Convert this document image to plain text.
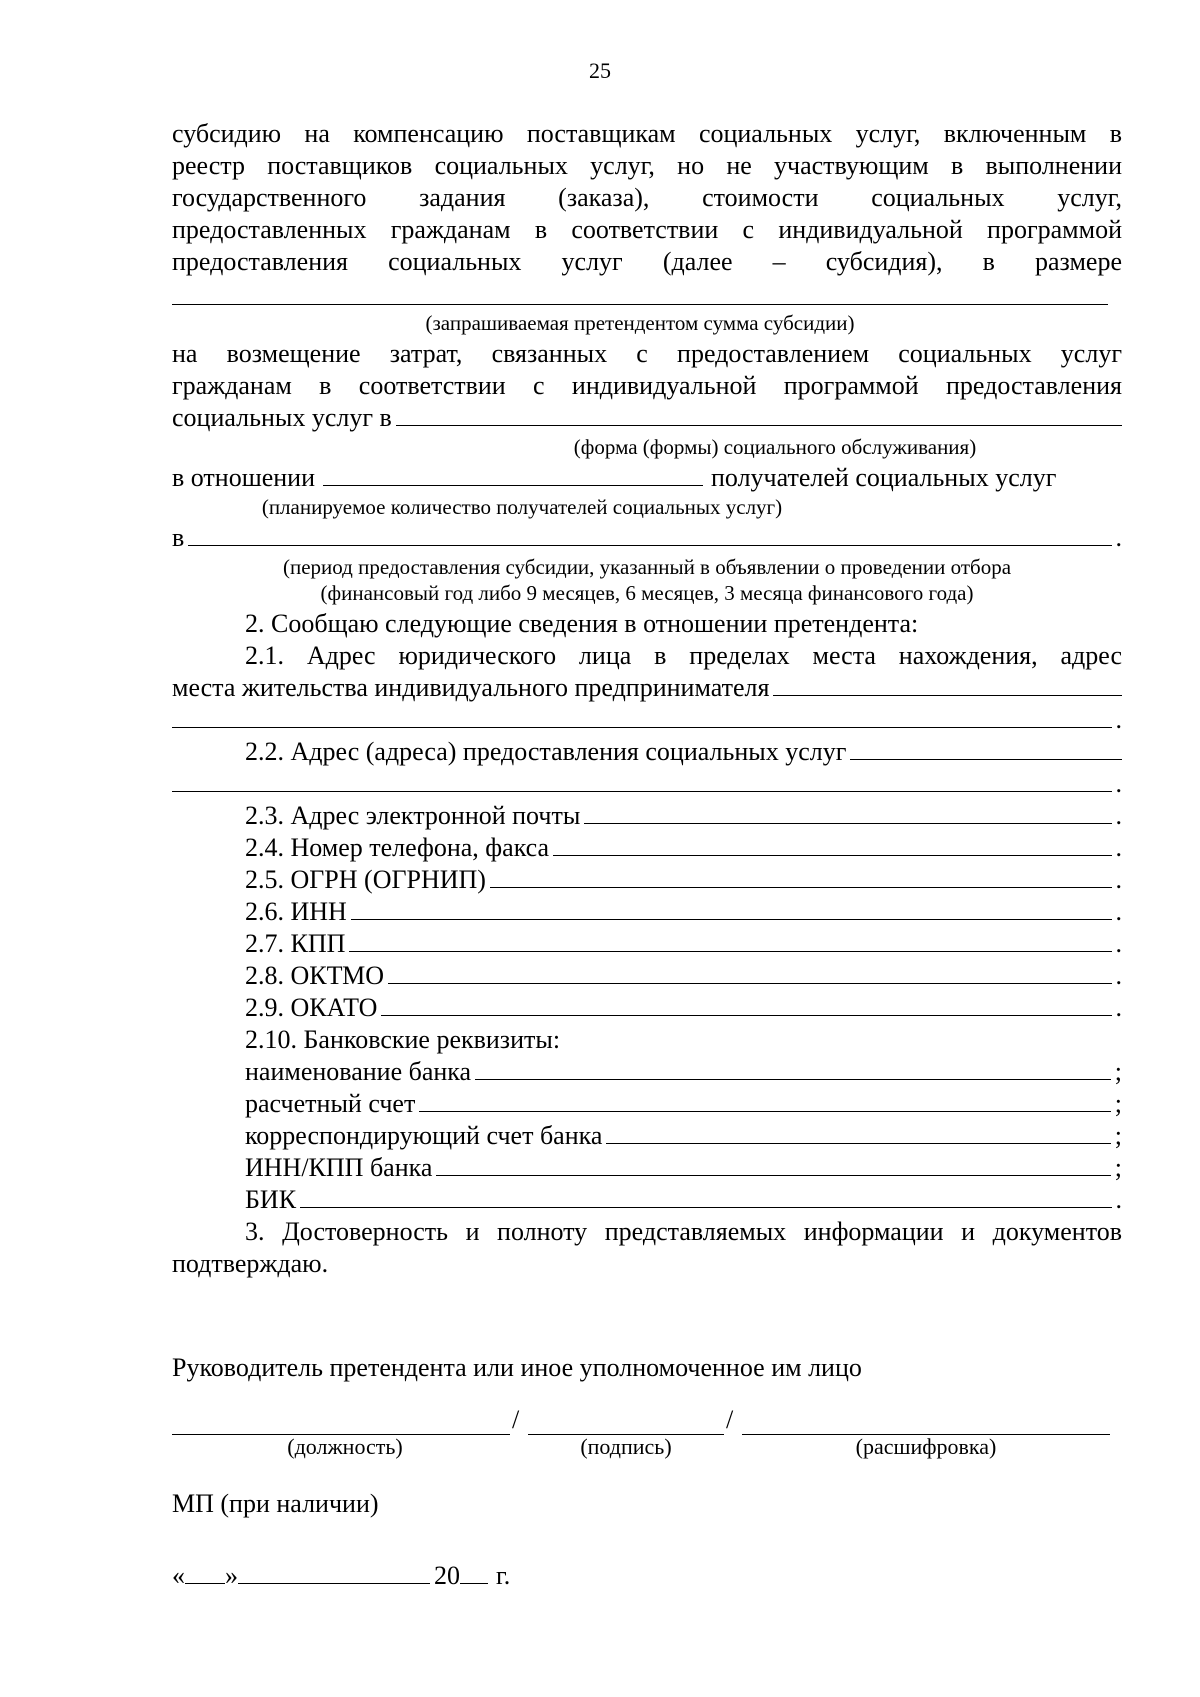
25
субсидию на компенсацию поставщикам социальных услуг, включенным в
реестр поставщиков социальных услуг, но не участвующим в выполнении
государственного задания (заказа), стоимости социальных услуг,
предоставленных гражданам в соответствии с индивидуальной программой
предоставления социальных услуг (далее – субсидия), в размере
(запрашиваемая претендентом сумма субсидии)
на возмещение затрат, связанных с предоставлением социальных услуг
гражданам в соответствии с индивидуальной программой предоставления
социальных услуг в
(форма (формы) социального обслуживания)
в отношении	получателей социальных услуг
(планируемое количество получателей социальных услуг)
в	.
(период предоставления субсидии, указанный в объявлении о проведении отбора
(финансовый год либо 9 месяцев, 6 месяцев, 3 месяца финансового года)
2. Сообщаю следующие сведения в отношении претендента:
2.1. Адрес юридического лица в пределах места нахождения, адрес
места жительства индивидуального предпринимателя
.
2.2. Адрес (адреса) предоставления социальных услуг
.
2.3. Адрес электронной почты	.
2.4. Номер телефона, факса	.
2.5. ОГРН (ОГРНИП)	.
2.6. ИНН	.
2.7. КПП	.
2.8. ОКТМО	.
2.9. ОКАТО	.
2.10. Банковские реквизиты:
наименование банка	;
расчетный счет	;
корреспондирующий счет банка	;
ИНН/КПП банка	;
БИК	.
3. Достоверность и полноту представляемых информации и документов
подтверждаю.
Руководитель претендента или иное уполномоченное им лицо
/	/
(должность)	(подпись)	(расшифровка)
МП (при наличии)
« »	20 г.
